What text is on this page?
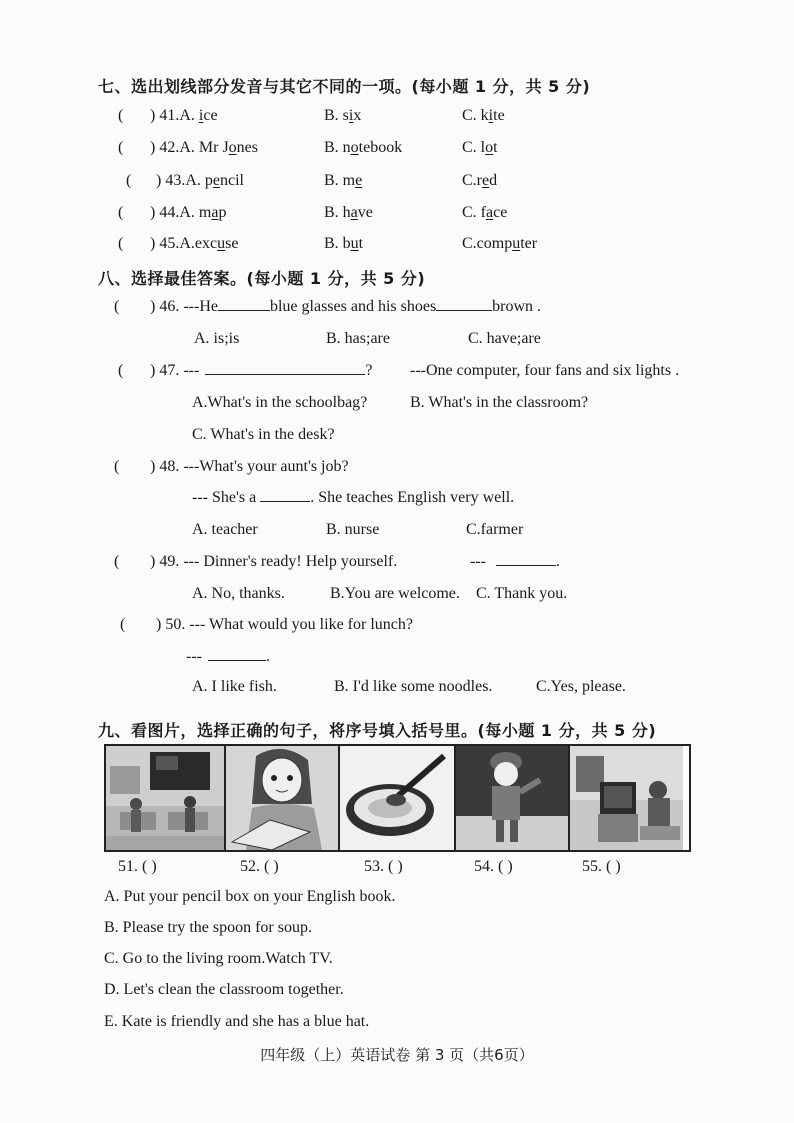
七、选出划线部分发音与其它不同的一项。(每小题 1 分，共 5 分)
( ) 41.A. ice	B. six	C. kite
( ) 42.A. Mr Jones	B. notebook	C. lot
( ) 43.A. pencil	B. me	C.red
( ) 44.A. map	B. have	C. face
( ) 45.A.excuse	B. but	C.computer
八、选择最佳答案。(每小题 1 分，共 5 分)
( ) 46. ---He	blue glasses and his shoes	brown .
A. is;is	B. has;are	C. have;are
( ) 47. ---	? ---One computer, four fans and six lights .
A.What's in the schoolbag?	B. What's in the classroom?
C. What's in the desk?
( ) 48. ---What's your aunt's job?
--- She's a	. She teaches English very well.
A. teacher	B. nurse	C.farmer
( ) 49. --- Dinner's ready! Help yourself.	---	.
A. No, thanks.	B.You are welcome. C. Thank you.
( ) 50. --- What would you like for lunch?
---	.
A. I like fish.	B. I'd like some noodles.	C.Yes, please.
九、看图片，选择正确的句子，将序号填入括号里。(每小题 1 分，共 5 分)
51. ( )	52. ( )	53. ( )	54. ( )	55. ( )
A. Put your pencil box on your English book.
B. Please try the spoon for soup.
C. Go to the living room.Watch TV.
D. Let's clean the classroom together.
E. Kate is friendly and she has a blue hat.
四年级（上）英语试卷 第 3 页（共6页）
